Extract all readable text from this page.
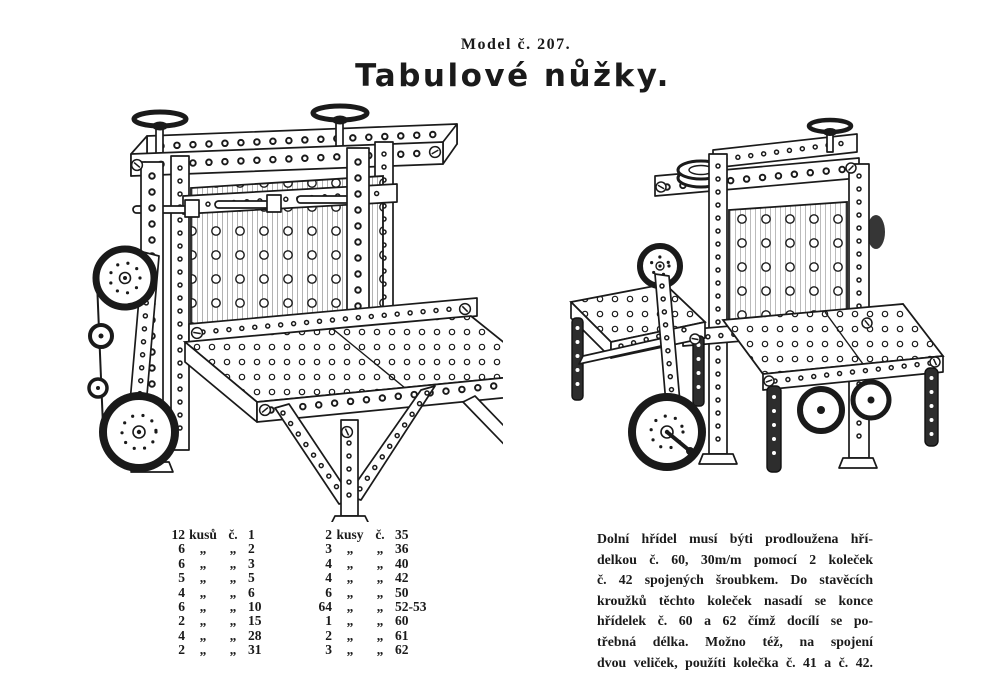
Model č. 207.
Tabulové nůžky.
12 kusů č. 1
6	„	„ 2
6	„	„ 3
5	„	„ 5
4	„	„ 6
6	„	„ 10
2	„	„ 15
4	„	„ 28
2	„	„ 31
2 kusy č. 35
3	„	„ 36
4	„	„ 40
4	„	„ 42
6	„	„ 50
64	„	„ 52-53
1	„	„ 60
2	„	„ 61
3	„	„ 62
Dolní hřídel musí býti prodloužena hří-
delkou č. 60, 30m/m pomocí 2 koleček
č. 42 spojených šroubkem. Do stavěcích
kroužků těchto koleček nasadí se konce
hřídelek č. 60 a 62 čímž docílí se po-
třebná délka. Možno též, na spojení
dvou veliček, použíti kolečka č. 41 a č. 42.
